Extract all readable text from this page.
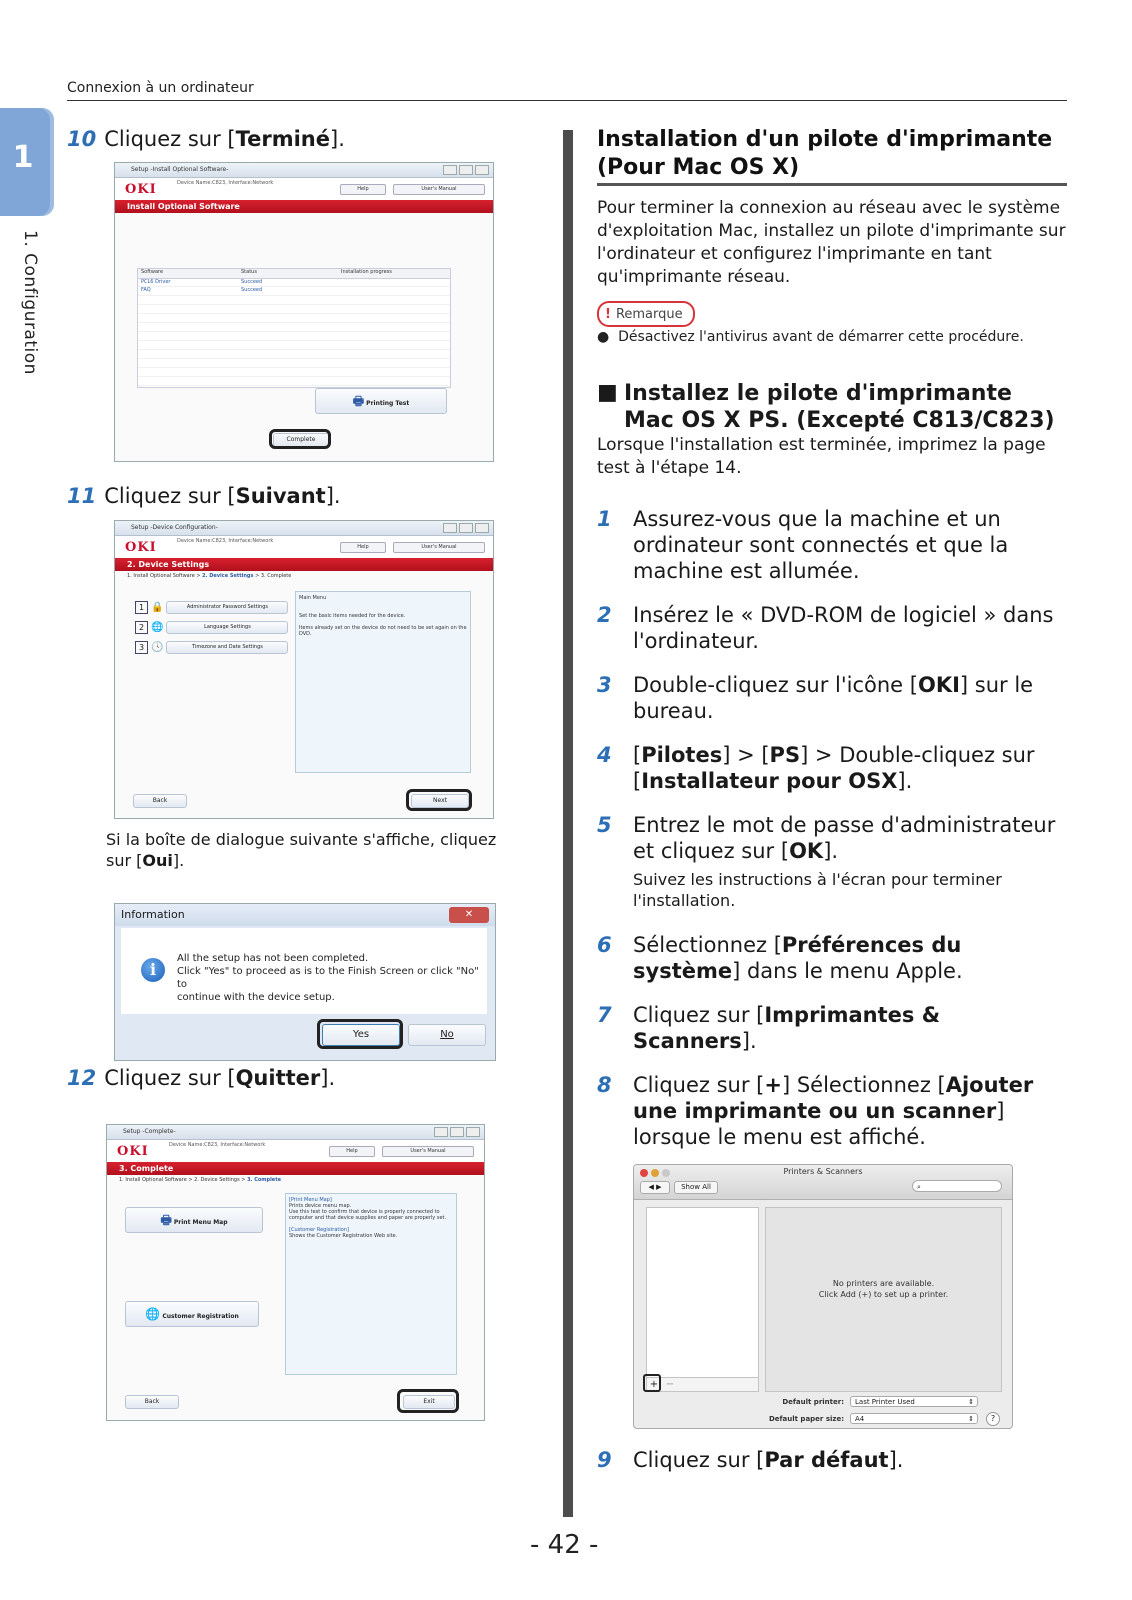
Connexion à un ordinateur
1
1. Configuration
10 Cliquez sur [Terminé].
Setup -Install Optional Software-
OKI	Device Name:C823, Interface:Network
Help	User's Manual
Install Optional Software
Software	Status	Installation progress
PCL6 Driver	Succeed
FAQ	Succeed
🖶 Printing Test
Complete
11 Cliquez sur [Suivant].
Setup -Device Configuration-
OKI	Device Name:C823, Interface:Network
Help	User's Manual
2. Device Settings
1. Install Optional Software > 2. Device Settings > 3. Complete
1 🔒	Administrator Password Settings
2 🌐	Language Settings
3 🕓	Timezone and Date Settings
Main Menu
Set the basic items needed for the device.
Items already set on the device do not need to be set again on the DVD.
Back	Next
Si la boîte de dialogue suivante s'affiche, cliquez sur [Oui].
Information	✕
i
All the setup has not been completed.
Click "Yes" to proceed as is to the Finish Screen or click "No" to
continue with the device setup.
Yes	No
12 Cliquez sur [Quitter].
Setup -Complete-
OKI	Device Name:C823, Interface:Network
Help	User's Manual
3. Complete
1. Install Optional Software > 2. Device Settings > 3. Complete
🖶 Print Menu Map
🌐 Customer Registration
[Print Menu Map]
Prints device menu map.
Use this test to confirm that device is properly connected to computer and that device supplies and paper are properly set.
[Customer Registration]
Shows the Customer Registration Web site.
Back	Exit
Installation d'un pilote d'imprimante (Pour Mac OS X)
Pour terminer la connexion au réseau avec le système d'exploitation Mac, installez un pilote d'imprimante sur l'ordinateur et configurez l'imprimante en tant qu'imprimante réseau.
! Remarque
●  Désactivez l'antivirus avant de démarrer cette procédure.
■ Installez le pilote d'imprimante Mac OS X PS. (Excepté C813/C823)
Lorsque l'installation est terminée, imprimez la page test à l'étape 14.
1	Assurez-vous que la machine et un ordinateur sont connectés et que la machine est allumée.
2	Insérez le « DVD-ROM de logiciel » dans l'ordinateur.
3	Double-cliquez sur l'icône [OKI] sur le bureau.
4	[Pilotes] > [PS] > Double-cliquez sur [Installateur pour OSX].
5	Entrez le mot de passe d'administrateur et cliquez sur [OK].
Suivez les instructions à l'écran pour terminer l'installation.
6	Sélectionnez [Préférences du système] dans le menu Apple.
7	Cliquez sur [Imprimantes & Scanners].
8	Cliquez sur [+] Sélectionnez [Ajouter une imprimante ou un scanner] lorsque le menu est affiché.
Printers & Scanners
◀ ▶	Show All	⌕
+ −
No printers are available.
Click Add (+) to set up a printer.
Default printer:	Last Printer Used	⇕
Default paper size:	A4	⇕	?
9	Cliquez sur [Par défaut].
- 42 -
